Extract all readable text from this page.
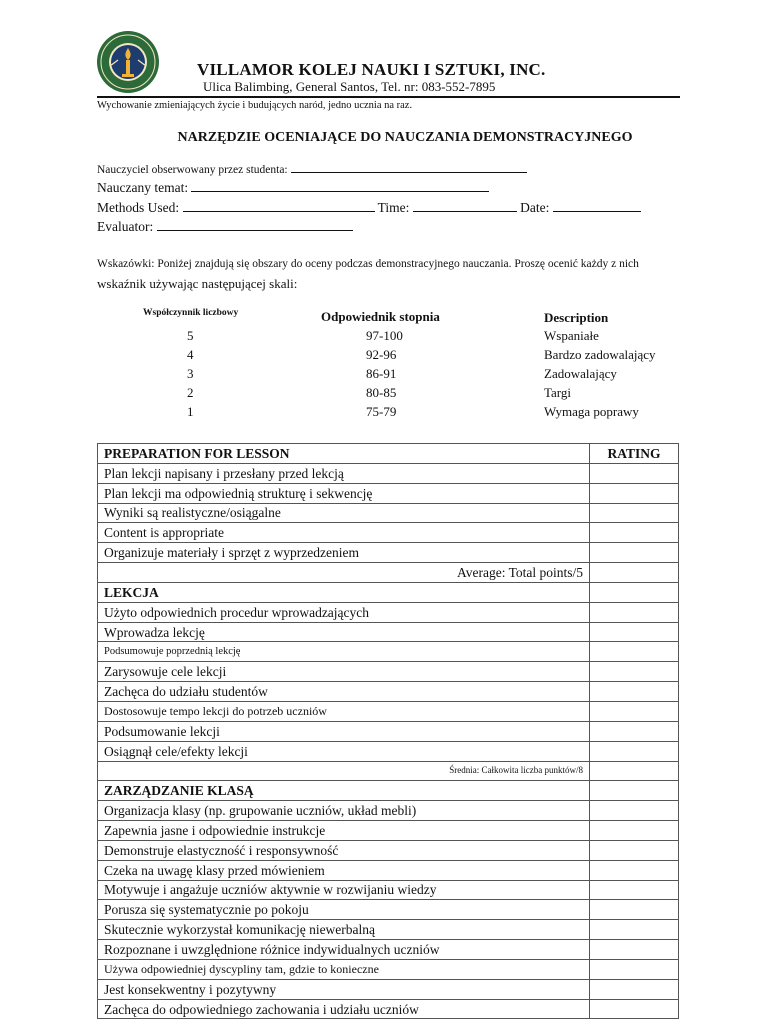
VILLAMOR KOLEJ NAUKI I SZTUKI, INC.
Ulica Balimbing, General Santos, Tel. nr: 083-552-7895
Wychowanie zmieniających życie i budujących naród, jedno ucznia na raz.
NARZĘDZIE OCENIAJĄCE DO NAUCZANIA DEMONSTRACYJNEGO
Nauczyciel obserwowany przez studenta:
Nauczany temat:
Methods Used:	Time:	Date:
Evaluator:
Wskazówki: Poniżej znajdują się obszary do oceny podczas demonstracyjnego nauczania. Proszę ocenić każdy z nich
wskaźnik używając następującej skali:
Współczynnik liczbowy	Odpowiednik stopnia	Description
5	97-100	Wspaniałe
4	92-96	Bardzo zadowalający
3	86-91	Zadowalający
2	80-85	Targi
1	75-79	Wymaga poprawy
PREPARATION FOR LESSON	RATING
Plan lekcji napisany i przesłany przed lekcją	
Plan lekcji ma odpowiednią strukturę i sekwencję	
Wyniki są realistyczne/osiągalne	
Content is appropriate	
Organizuje materiały i sprzęt z wyprzedzeniem	
Average: Total points/5	
LEKCJA	
Użyto odpowiednich procedur wprowadzających	
Wprowadza lekcję	
Podsumowuje poprzednią lekcję	
Zarysowuje cele lekcji	
Zachęca do udziału studentów	
Dostosowuje tempo lekcji do potrzeb uczniów	
Podsumowanie lekcji	
Osiągnął cele/efekty lekcji	
Średnia: Całkowita liczba punktów/8	
ZARZĄDZANIE KLASĄ	
Organizacja klasy (np. grupowanie uczniów, układ mebli)	
Zapewnia jasne i odpowiednie instrukcje	
Demonstruje elastyczność i responsywność	
Czeka na uwagę klasy przed mówieniem	
Motywuje i angażuje uczniów aktywnie w rozwijaniu wiedzy	
Porusza się systematycznie po pokoju	
Skutecznie wykorzystał komunikację niewerbalną	
Rozpoznane i uwzględnione różnice indywidualnych uczniów	
Używa odpowiedniej dyscypliny tam, gdzie to konieczne	
Jest konsekwentny i pozytywny	
Zachęca do odpowiedniego zachowania i udziału uczniów	
